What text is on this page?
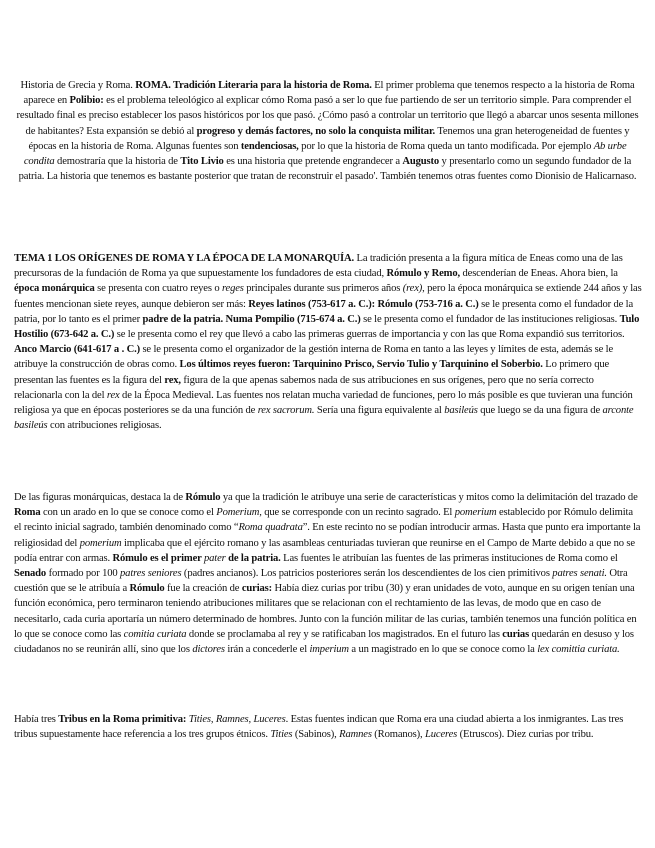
Historia de Grecia y Roma. ROMA. Tradición Literaria para la historia de Roma. El primer problema que tenemos respecto a la historia de Roma aparece en Polibio: es el problema teleológico al explicar cómo Roma pasó a ser lo que fue partiendo de ser un territorio simple. Para comprender el resultado final es preciso establecer los pasos históricos por los que pasó. ¿Cómo pasó a controlar un territorio que llegó a abarcar unos sesenta millones de habitantes? Esta expansión se debió al progreso y demás factores, no solo la conquista militar. Tenemos una gran heterogeneidad de fuentes y épocas en la historia de Roma. Algunas fuentes son tendenciosas, por lo que la historia de Roma queda un tanto modificada. Por ejemplo Ab urbe condita demostraría que la historia de Tito Livio es una historia que pretende engrandecer a Augusto y presentarlo como un segundo fundador de la patria. La historia que tenemos es bastante posterior que tratan de reconstruir el pasado'. También tenemos otras fuentes como Dionisio de Halicarnaso.

TEMA 1 LOS ORÍGENES DE ROMA Y LA ÉPOCA DE LA MONARQUÍA. La tradición presenta a la figura mítica de Eneas como una de las precursoras de la fundación de Roma ya que supuestamente los fundadores de esta ciudad, Rómulo y Remo, descenderían de Eneas. Ahora bien, la época monárquica se presenta con cuatro reyes o reges principales durante sus primeros años (rex), pero la época monárquica se extiende 244 años y las fuentes mencionan siete reyes, aunque debieron ser más: Reyes latinos (753-617 a. C.): Rómulo (753-716 a. C.) se le presenta como el fundador de la patria, por lo tanto es el primer padre de la patria. Numa Pompilio (715-674 a. C.) se le presenta como el fundador de las instituciones religiosas. Tulo Hostilio (673-642 a. C.) se le presenta como el rey que llevó a cabo las primeras guerras de importancia y con las que Roma expandió sus territorios. Anco Marcio (641-617 a . C.) se le presenta como el organizador de la gestión interna de Roma en tanto a las leyes y límites de esta, además se le atribuye la construcción de obras como. Los últimos reyes fueron: Tarquinino Prisco, Servio Tulio y Tarquinino el Soberbio. Lo primero que presentan las fuentes es la figura del rex, figura de la que apenas sabemos nada de sus atribuciones en sus orígenes, pero que no sería correcto relacionarla con la del rex de la Época Medieval. Las fuentes nos relatan mucha variedad de funciones, pero lo más posible es que tuvieran una función religiosa ya que en épocas posteriores se da una función de rex sacrorum. Sería una figura equivalente al basileús que luego se da una figura de arconte basileús con atribuciones religiosas.

De las figuras monárquicas, destaca la de Rómulo ya que la tradición le atribuye una serie de características y mitos como la delimitación del trazado de Roma con un arado en lo que se conoce como el Pomerium, que se corresponde con un recinto sagrado. El pomerium establecido por Rómulo delimita el recinto inicial sagrado, también denominado como “Roma quadrata”. En este recinto no se podían introducir armas. Hasta que punto era importante la religiosidad del pomerium implicaba que el ejército romano y las asambleas centuriadas tuvieran que reunirse en el Campo de Marte debido a que no se podía entrar con armas. Rómulo es el primer pater de la patria. Las fuentes le atribuían las fuentes de las primeras instituciones de Roma como el Senado formado por 100 patres seniores (padres ancianos). Los patricios posteriores serán los descendientes de los cien primitivos patres senati. Otra cuestión que se le atribuía a Rómulo fue la creación de curias: Había diez curias por tribu (30) y eran unidades de voto, aunque en su origen tenían una función económica, pero terminaron teniendo atribuciones militares que se relacionan con el rechtamiento de las levas, de modo que en caso de necesitarlo, cada curia aportaría un número determinado de hombres. Junto con la función militar de las curias, también tenemos una función política en lo que se conoce como las comitia curiata donde se proclamaba al rey y se ratificaban los magistrados. En el futuro las curias quedarán en desuso y los ciudadanos no se reunirán allí, sino que los dictores irán a concederle el imperium a un magistrado en lo que se conoce como la lex comittia curiata.

Había tres Tribus en la Roma primitiva: Tities, Ramnes, Luceres. Estas fuentes indican que Roma era una ciudad abierta a los inmigrantes. Las tres tribus supuestamente hace referencia a los tres grupos étnicos. Tities (Sabinos), Ramnes (Romanos), Luceres (Etruscos). Diez curias por tribu.
